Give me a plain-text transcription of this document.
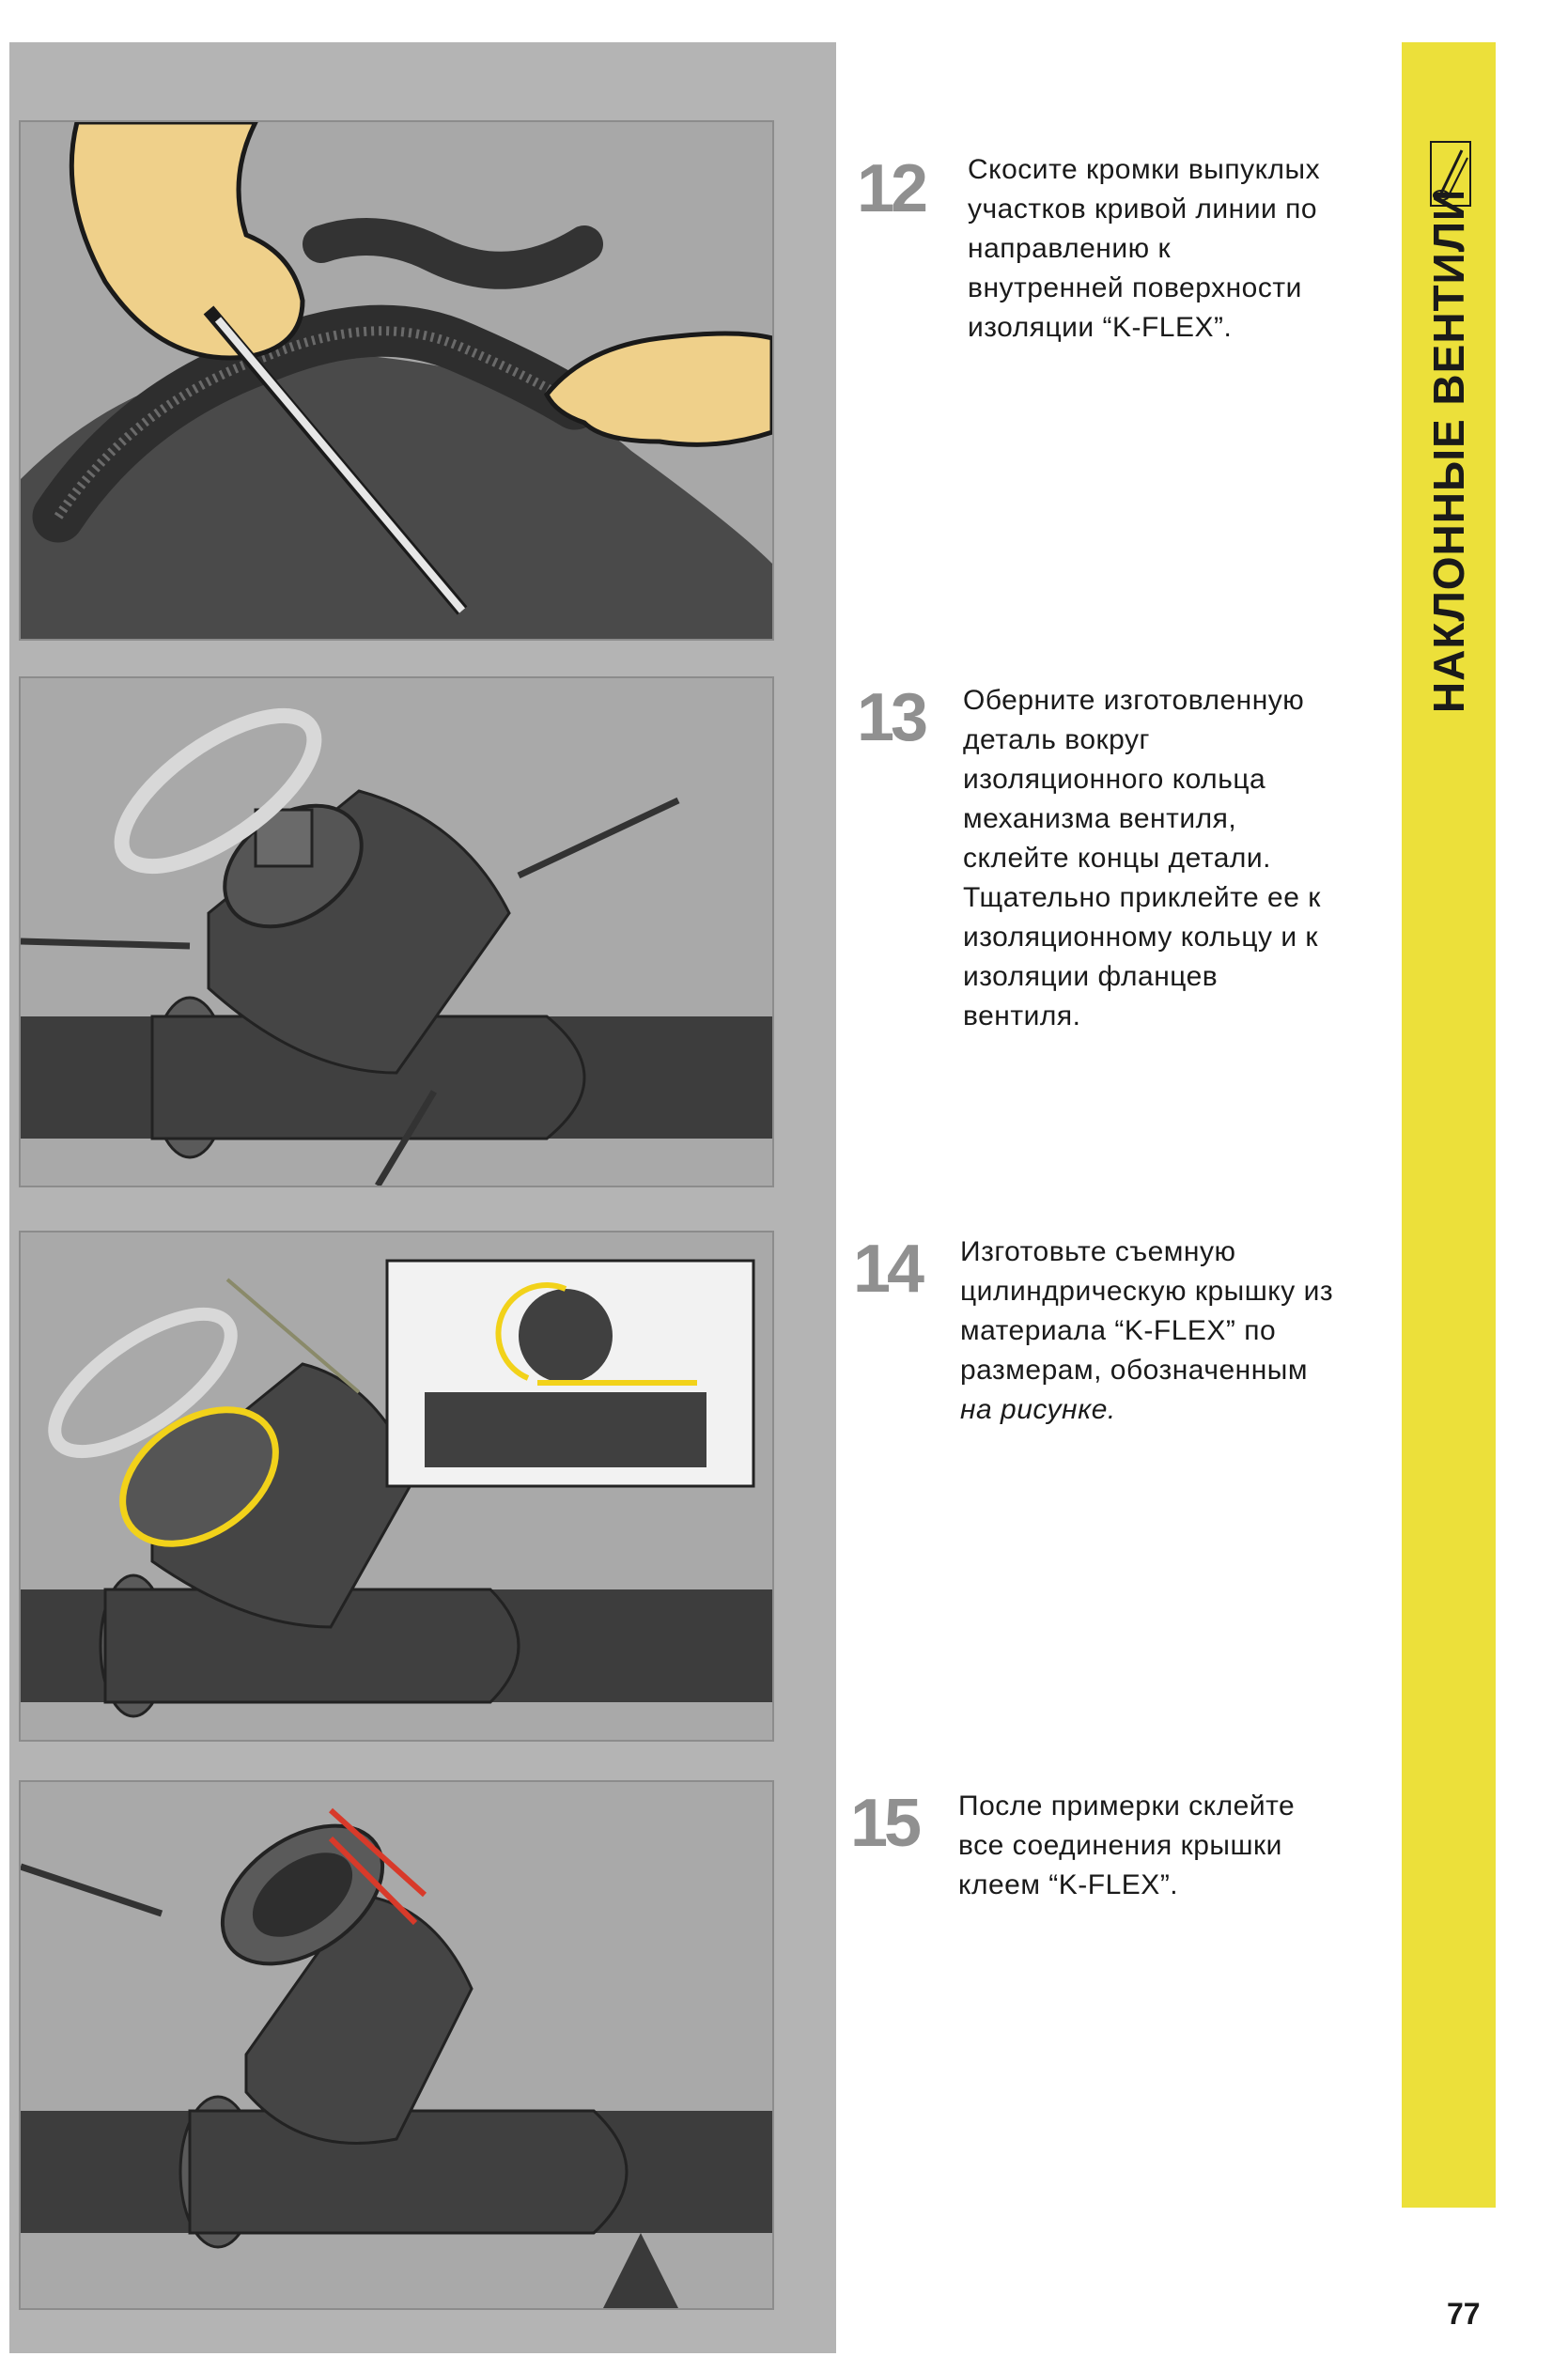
12 Скосите кромки выпуклых
участков кривой линии по
направлению к
внутренней поверхности
изоляции “K-FLEX”.
13 Оберните изготовленную
деталь вокруг
изоляционного кольца
механизма вентиля,
склейте концы детали.
Тщательно приклейте ее к
изоляционному кольцу и к
изоляции фланцев
вентиля.
14 Изготовьте съемную
цилиндрическую крышку из
материала “K-FLEX” по
размерам, обозначенным
на рисунке.
15 После примерки склейте
все соединения крышки
клеем “K-FLEX”.
НАКЛОННЫЕ ВЕНТИЛИ
77
